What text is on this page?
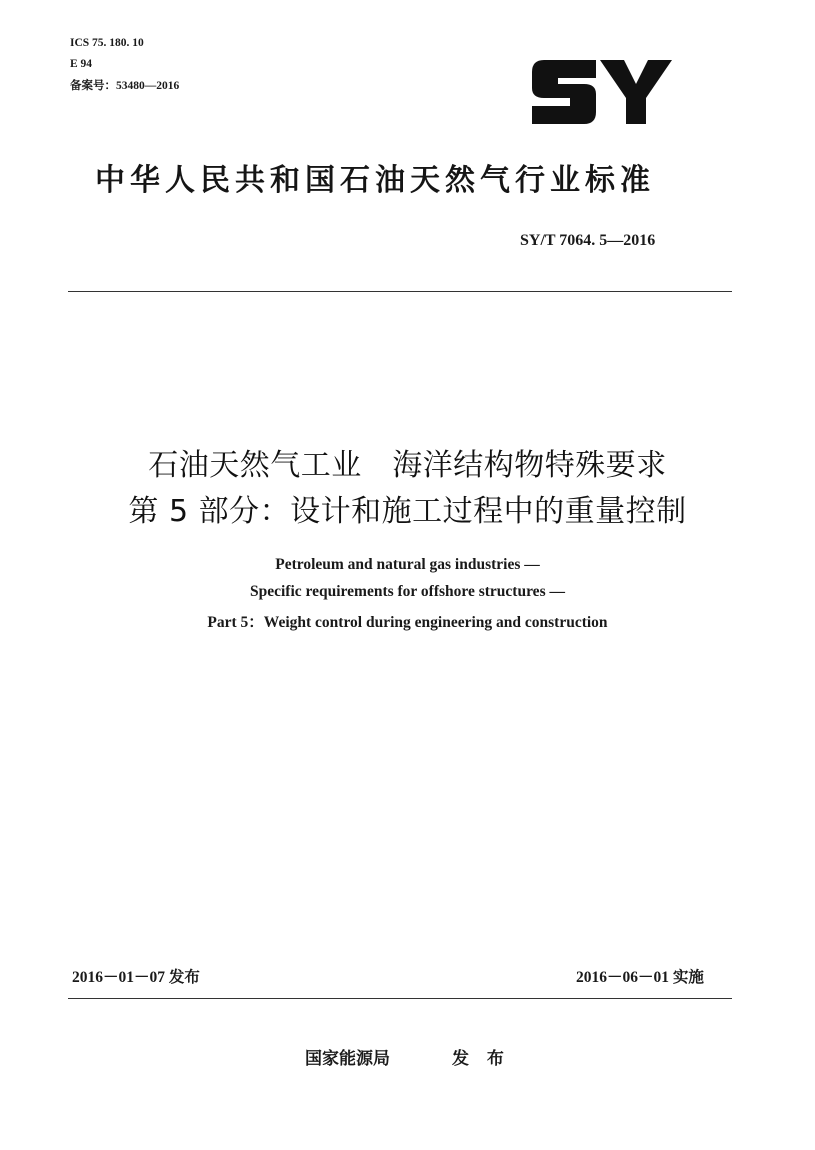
ICS 75. 180. 10
E 94
备案号：53480—2016
中华人民共和国石油天然气行业标准
SY/T 7064. 5—2016
石油天然气工业　海洋结构物特殊要求
第 5 部分：设计和施工过程中的重量控制
Petroleum and natural gas industries —
Specific requirements for offshore structures —
Part 5：Weight control during engineering and construction
2016－01－07 发布	2016－06－01 实施
国家能源局	发 布
